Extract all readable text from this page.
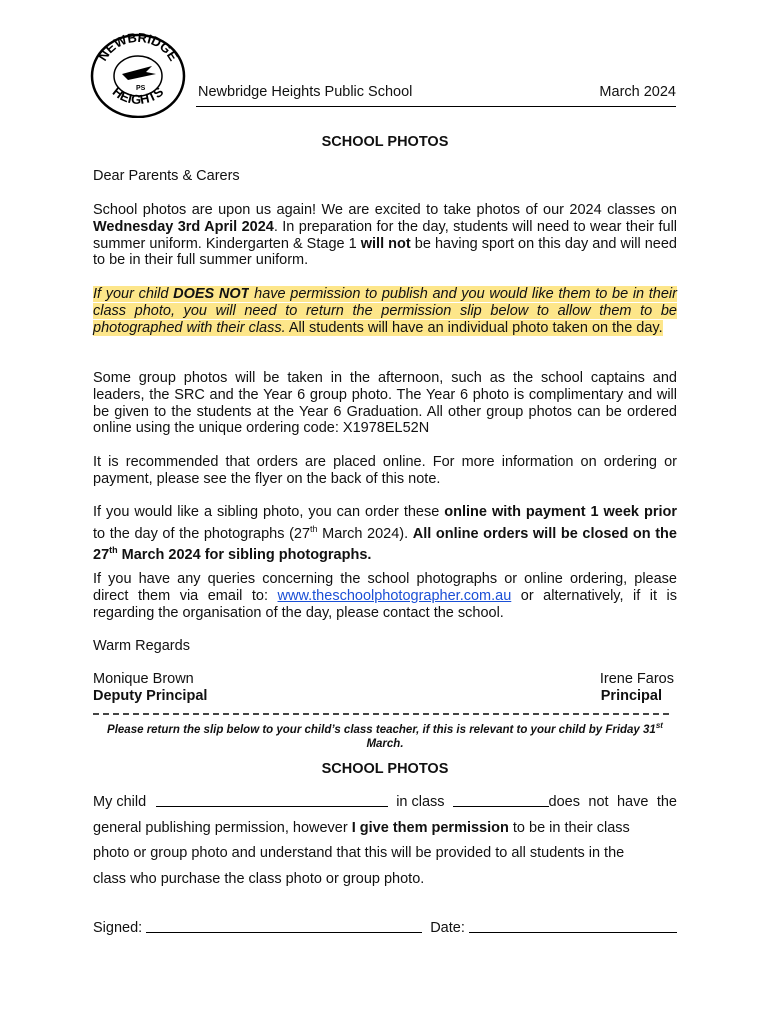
NEWBRIDGE
HEIGHTS
PS	Newbridge Heights Public School	March 2024
SCHOOL PHOTOS
Dear Parents & Carers
School photos are upon us again! We are excited to take photos of our 2024 classes on Wednesday 3rd April 2024. In preparation for the day, students will need to wear their full summer uniform. Kindergarten & Stage 1 will not be having sport on this day and will need to be in their full summer uniform.
If your child DOES NOT have permission to publish and you would like them to be in their class photo, you will need to return the permission slip below to allow them to be photographed with their class. All students will have an individual photo taken on the day.
Some group photos will be taken in the afternoon, such as the school captains and leaders, the SRC and the Year 6 group photo. The Year 6 photo is complimentary and will be given to the students at the Year 6 Graduation. All other group photos can be ordered online using the unique ordering code: X1978EL52N
It is recommended that orders are placed online. For more information on ordering or payment, please see the flyer on the back of this note.
If you would like a sibling photo, you can order these online with payment 1 week prior to the day of the photographs (27th March 2024). All online orders will be closed on the 27th March 2024 for sibling photographs.
If you have any queries concerning the school photographs or online ordering, please direct them via email to: www.theschoolphotographer.com.au or alternatively, if it is regarding the organisation of the day, please contact the school.
Warm Regards
Monique Brown
Deputy Principal
Irene Faros
Principal
Please return the slip below to your child’s class teacher, if this is relevant to your child by Friday 31st March.
SCHOOL PHOTOS
My child	in class	does not have the
general publishing permission, however I give them permission to be in their class
photo or group photo and understand that this will be provided to all students in the
class who purchase the class photo or group photo.
Signed:	Date:
